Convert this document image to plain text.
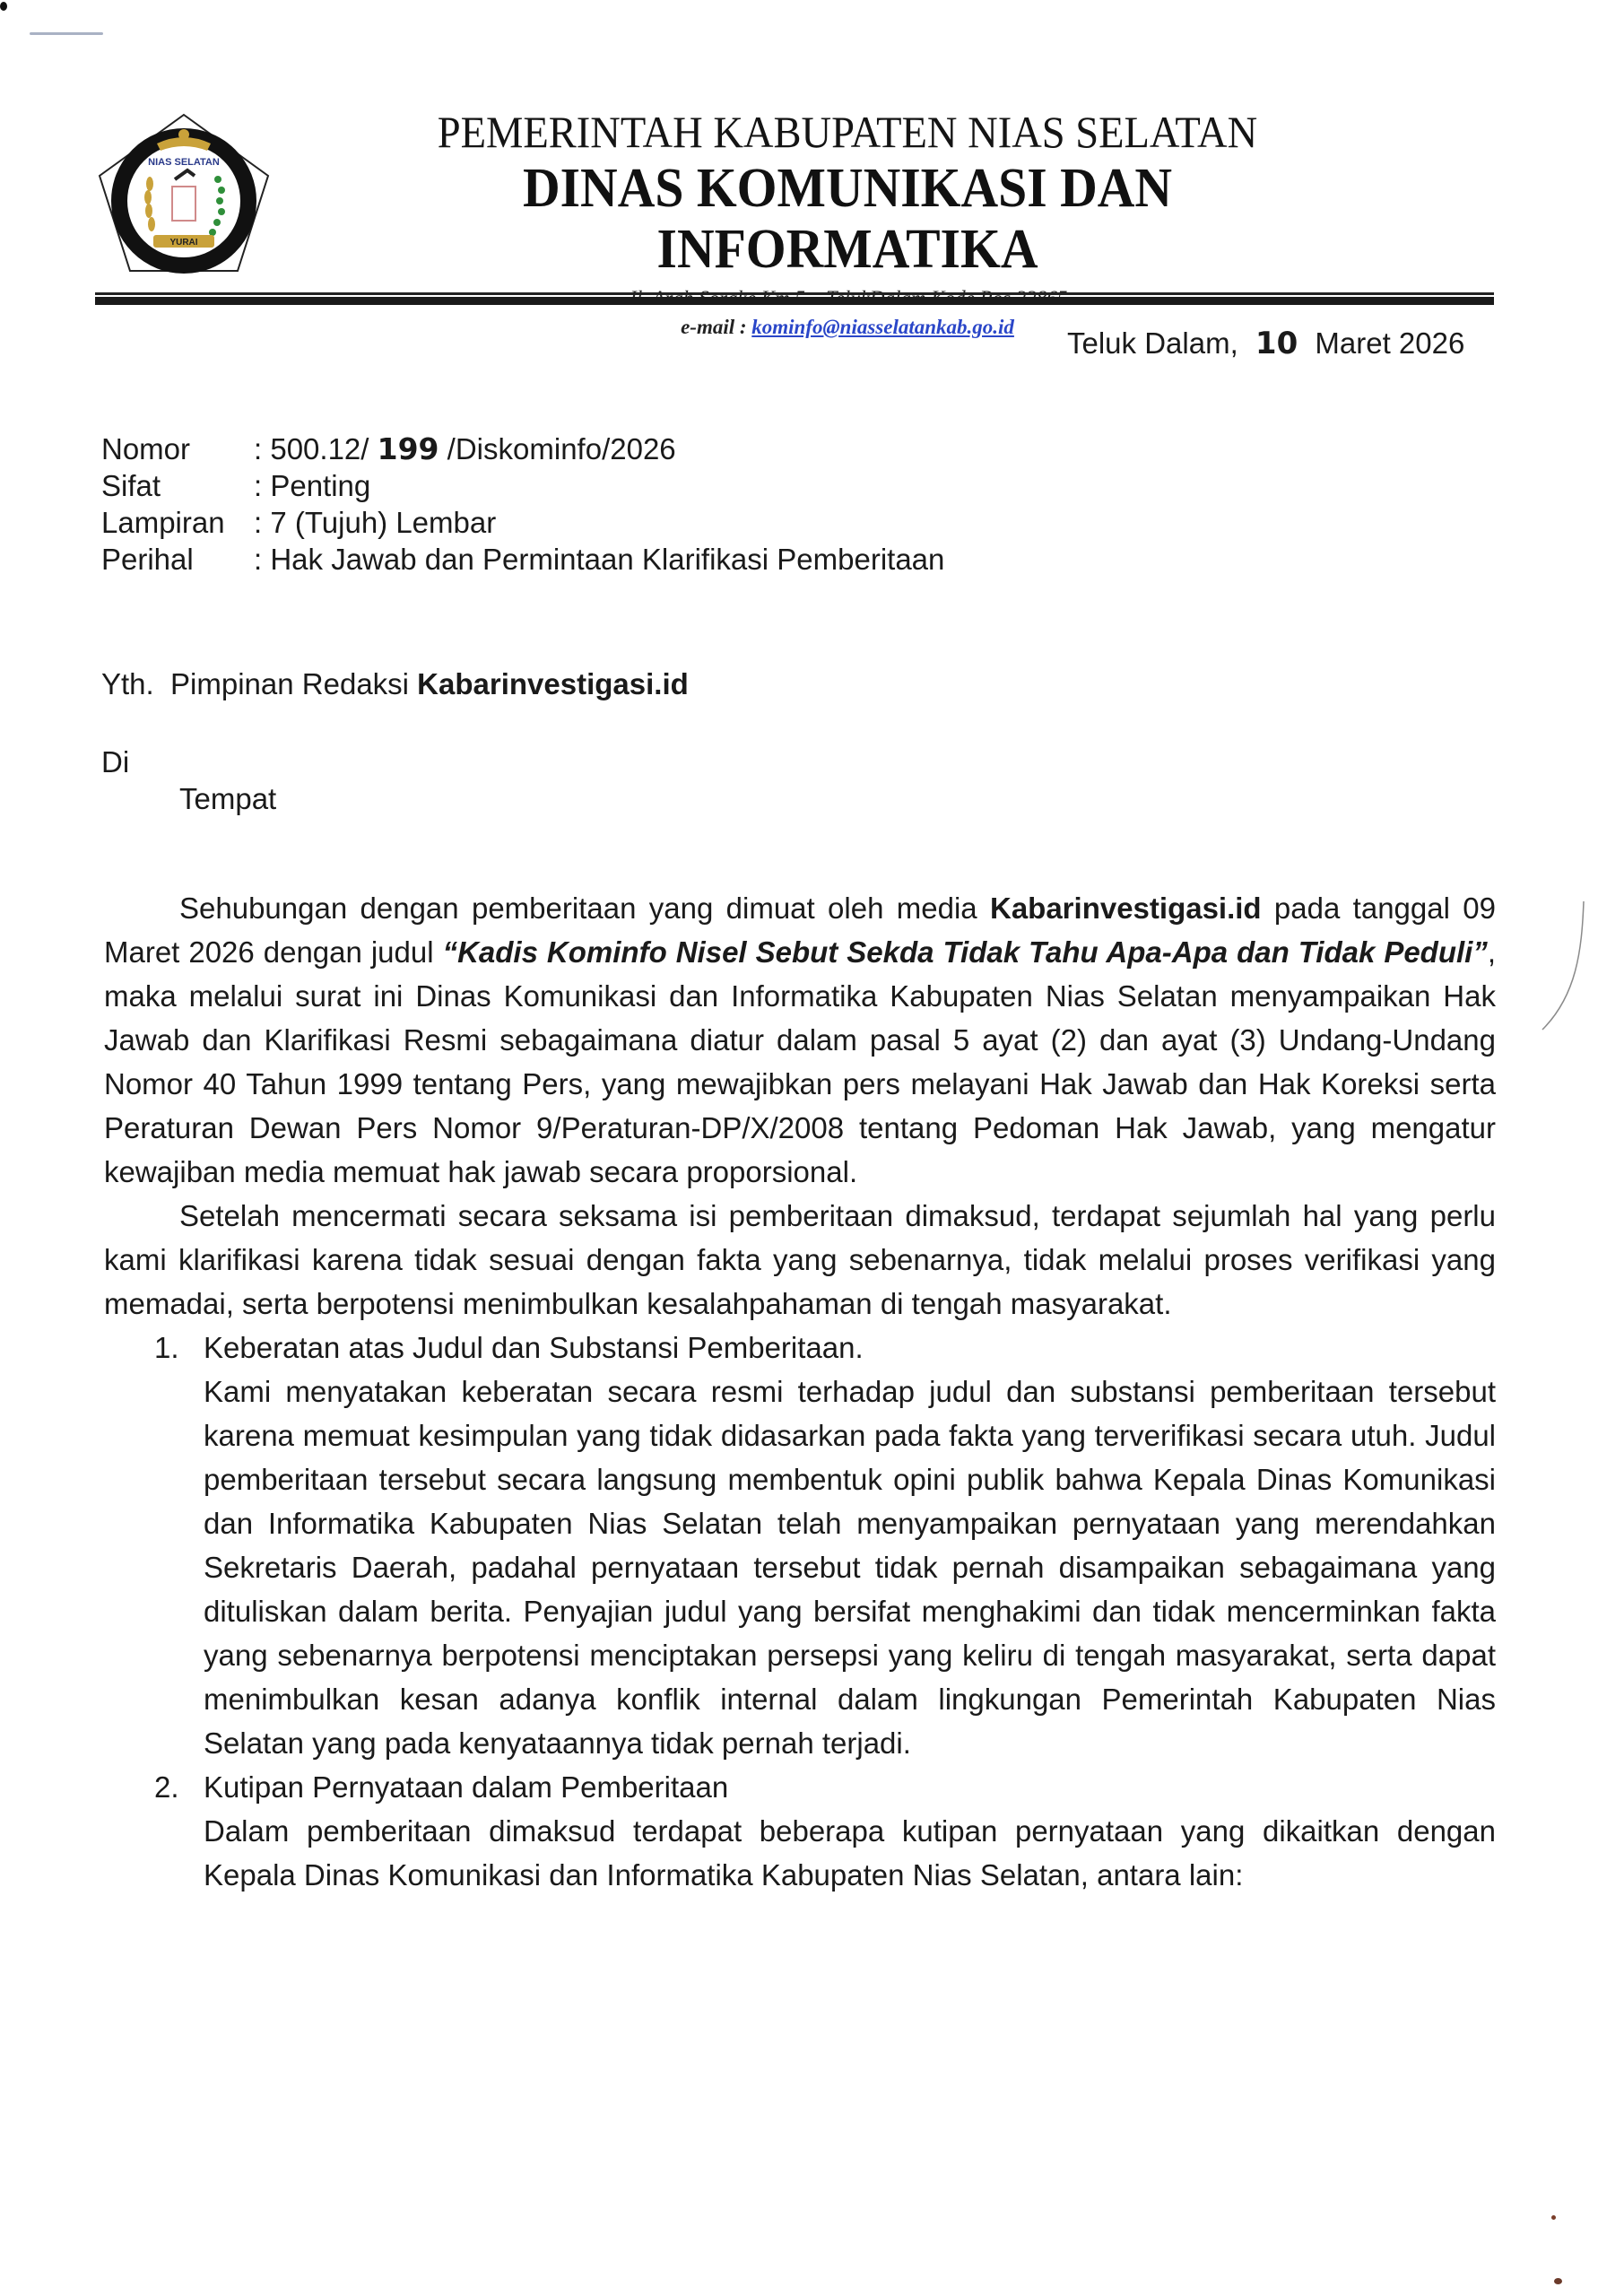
NIAS SELATAN
YURAI
PEMERINTAH KABUPATEN NIAS SELATAN
DINAS KOMUNIKASI DAN INFORMATIKA
e-mail : kominfo@niasselatankab.go.id	Teluk Dalam, 10 Maret 2026
Nomor	: 500.12/ 199 /Diskominfo/2026
Sifat	: Penting
Lampiran : 7 (Tujuh) Lembar
Perihal	: Hak Jawab dan Permintaan Klarifikasi Pemberitaan
Yth.  Pimpinan Redaksi Kabarinvestigasi.id
Di
Tempat

Sehubungan dengan pemberitaan yang dimuat oleh media Kabarinvestigasi.id pada tanggal 09 Maret 2026 dengan judul “Kadis Kominfo Nisel Sebut Sekda Tidak Tahu Apa-Apa dan Tidak Peduli”, maka melalui surat ini Dinas Komunikasi dan Informatika Kabupaten Nias Selatan menyampaikan Hak Jawab dan Klarifikasi Resmi sebagaimana diatur dalam pasal 5 ayat (2) dan ayat (3) Undang-Undang Nomor 40 Tahun 1999 tentang Pers, yang mewajibkan pers melayani Hak Jawab dan Hak Koreksi serta Peraturan Dewan Pers Nomor 9/Peraturan-DP/X/2008 tentang Pedoman Hak Jawab, yang mengatur kewajiban media memuat hak jawab secara proporsional.

Setelah mencermati secara seksama isi pemberitaan dimaksud, terdapat sejumlah hal yang perlu kami klarifikasi karena tidak sesuai dengan fakta yang sebenarnya, tidak melalui proses verifikasi yang memadai, serta berpotensi menimbulkan kesalahpahaman di tengah masyarakat.

1. Keberatan atas Judul dan Substansi Pemberitaan.
Kami menyatakan keberatan secara resmi terhadap judul dan substansi pemberitaan tersebut karena memuat kesimpulan yang tidak didasarkan pada fakta yang terverifikasi secara utuh. Judul pemberitaan tersebut secara langsung membentuk opini publik bahwa Kepala Dinas Komunikasi dan Informatika Kabupaten Nias Selatan telah menyampaikan pernyataan yang merendahkan Sekretaris Daerah, padahal pernyataan tersebut tidak pernah disampaikan sebagaimana yang dituliskan dalam berita. Penyajian judul yang bersifat menghakimi dan tidak mencerminkan fakta yang sebenarnya berpotensi menciptakan persepsi yang keliru di tengah masyarakat, serta dapat menimbulkan kesan adanya konflik internal dalam lingkungan Pemerintah Kabupaten Nias Selatan yang pada kenyataannya tidak pernah terjadi.
2. Kutipan Pernyataan dalam Pemberitaan
Dalam pemberitaan dimaksud terdapat beberapa kutipan pernyataan yang dikaitkan dengan Kepala Dinas Komunikasi dan Informatika Kabupaten Nias Selatan, antara lain:
